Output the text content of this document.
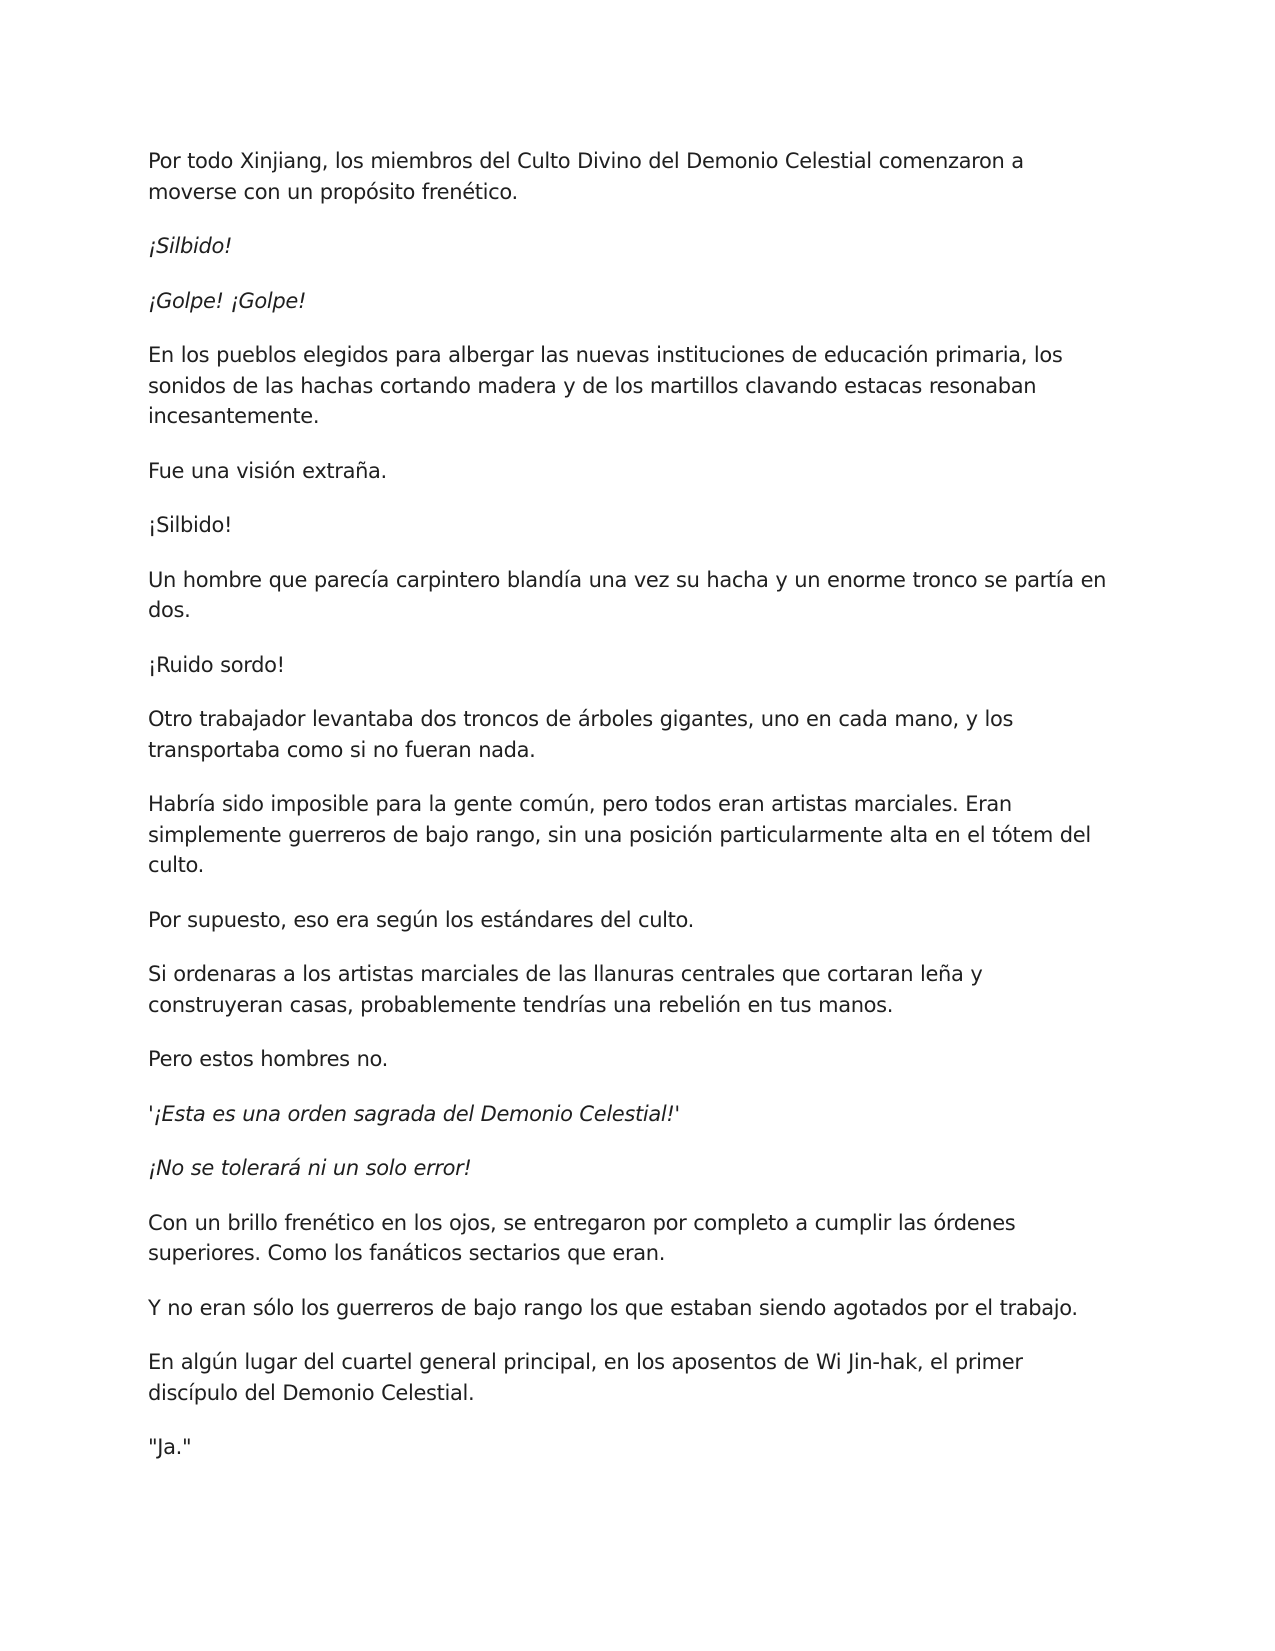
Por todo Xinjiang, los miembros del Culto Divino del Demonio Celestial comenzaron a moverse con un propósito frenético.

¡Silbido!

¡Golpe! ¡Golpe!

En los pueblos elegidos para albergar las nuevas instituciones de educación primaria, los sonidos de las hachas cortando madera y de los martillos clavando estacas resonaban incesantemente.

Fue una visión extraña.

¡Silbido!

Un hombre que parecía carpintero blandía una vez su hacha y un enorme tronco se partía en dos.

¡Ruido sordo!

Otro trabajador levantaba dos troncos de árboles gigantes, uno en cada mano, y los transportaba como si no fueran nada.

Habría sido imposible para la gente común, pero todos eran artistas marciales. Eran simplemente guerreros de bajo rango, sin una posición particularmente alta en el tótem del culto.

Por supuesto, eso era según los estándares del culto.

Si ordenaras a los artistas marciales de las llanuras centrales que cortaran leña y construyeran casas, probablemente tendrías una rebelión en tus manos.

Pero estos hombres no.

'¡Esta es una orden sagrada del Demonio Celestial!'

¡No se tolerará ni un solo error!

Con un brillo frenético en los ojos, se entregaron por completo a cumplir las órdenes superiores. Como los fanáticos sectarios que eran.

Y no eran sólo los guerreros de bajo rango los que estaban siendo agotados por el trabajo.

En algún lugar del cuartel general principal, en los aposentos de Wi Jin-hak, el primer discípulo del Demonio Celestial.

"Ja."
